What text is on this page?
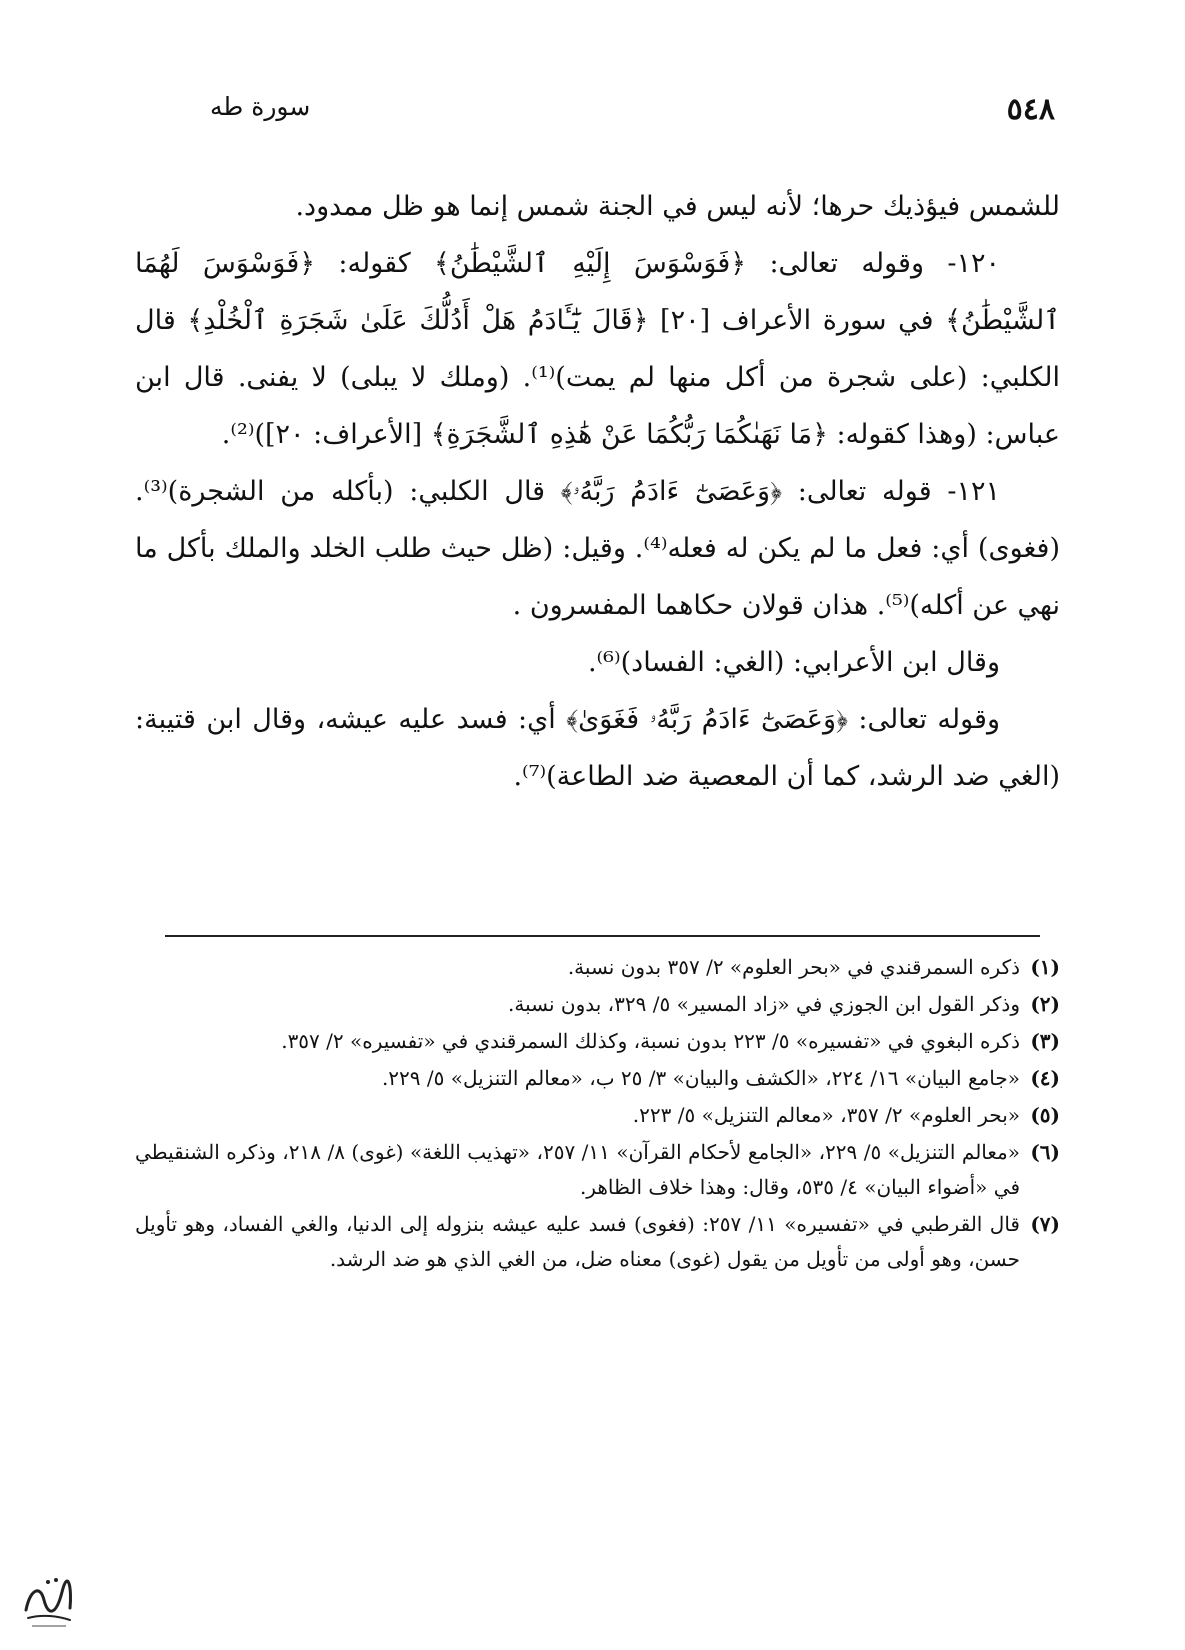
٥٤٨
سورة طه

للشمس فيؤذيك حرها؛ لأنه ليس في الجنة شمس إنما هو ظل ممدود.

١٢٠- وقوله تعالى: ﴿فَوَسْوَسَ إِلَيْهِ ٱلشَّيْطَٰنُ﴾ كقوله: ﴿فَوَسْوَسَ لَهُمَا ٱلشَّيْطَٰنُ﴾ في سورة الأعراف [٢٠] ﴿قَالَ يَٰٓـَٔادَمُ هَلْ أَدُلُّكَ عَلَىٰ شَجَرَةِ ٱلْخُلْدِ﴾ قال الكلبي: (على شجرة من أكل منها لم يمت)⁽¹⁾. (وملك لا يبلى) لا يفنى. قال ابن عباس: (وهذا كقوله: ﴿مَا نَهَىٰكُمَا رَبُّكُمَا عَنْ هَٰذِهِ ٱلشَّجَرَةِ﴾ [الأعراف: ٢٠])⁽²⁾.

١٢١- قوله تعالى: ﴿وَعَصَىٰٓ ءَادَمُ رَبَّهُۥ﴾ قال الكلبي: (بأكله من الشجرة)⁽³⁾. (فغوى) أي: فعل ما لم يكن له فعله⁽⁴⁾. وقيل: (ظل حيث طلب الخلد والملك بأكل ما نهي عن أكله)⁽⁵⁾. هذان قولان حكاهما المفسرون .

وقال ابن الأعرابي: (الغي: الفساد)⁽⁶⁾.

وقوله تعالى: ﴿وَعَصَىٰٓ ءَادَمُ رَبَّهُۥ فَغَوَىٰ﴾ أي: فسد عليه عيشه، وقال ابن قتيبة: (الغي ضد الرشد، كما أن المعصية ضد الطاعة)⁽⁷⁾.

(١)
ذكره السمرقندي في «بحر العلوم» ٢/ ٣٥٧ بدون نسبة.
(٢)
وذكر القول ابن الجوزي في «زاد المسير» ٥/ ٣٢٩، بدون نسبة.
(٣)
ذكره البغوي في «تفسيره» ٥/ ٢٢٣ بدون نسبة، وكذلك السمرقندي في «تفسيره» ٢/ ٣٥٧.
(٤)
«جامع البيان» ١٦/ ٢٢٤، «الكشف والبيان» ٣/ ٢٥ ب، «معالم التنزيل» ٥/ ٢٢٩.
(٥)
«بحر العلوم» ٢/ ٣٥٧، «معالم التنزيل» ٥/ ٢٢٣.
(٦)
«معالم التنزيل» ٥/ ٢٢٩، «الجامع لأحكام القرآن» ١١/ ٢٥٧، «تهذيب اللغة» (غوى) ٨/ ٢١٨، وذكره الشنقيطي في «أضواء البيان» ٤/ ٥٣٥، وقال: وهذا خلاف الظاهر.
(٧)
قال القرطبي في «تفسيره» ١١/ ٢٥٧: (فغوى) فسد عليه عيشه بنزوله إلى الدنيا، والغي الفساد، وهو تأويل حسن، وهو أولى من تأويل من يقول (غوى) معناه ضل، من الغي الذي هو ضد الرشد.
